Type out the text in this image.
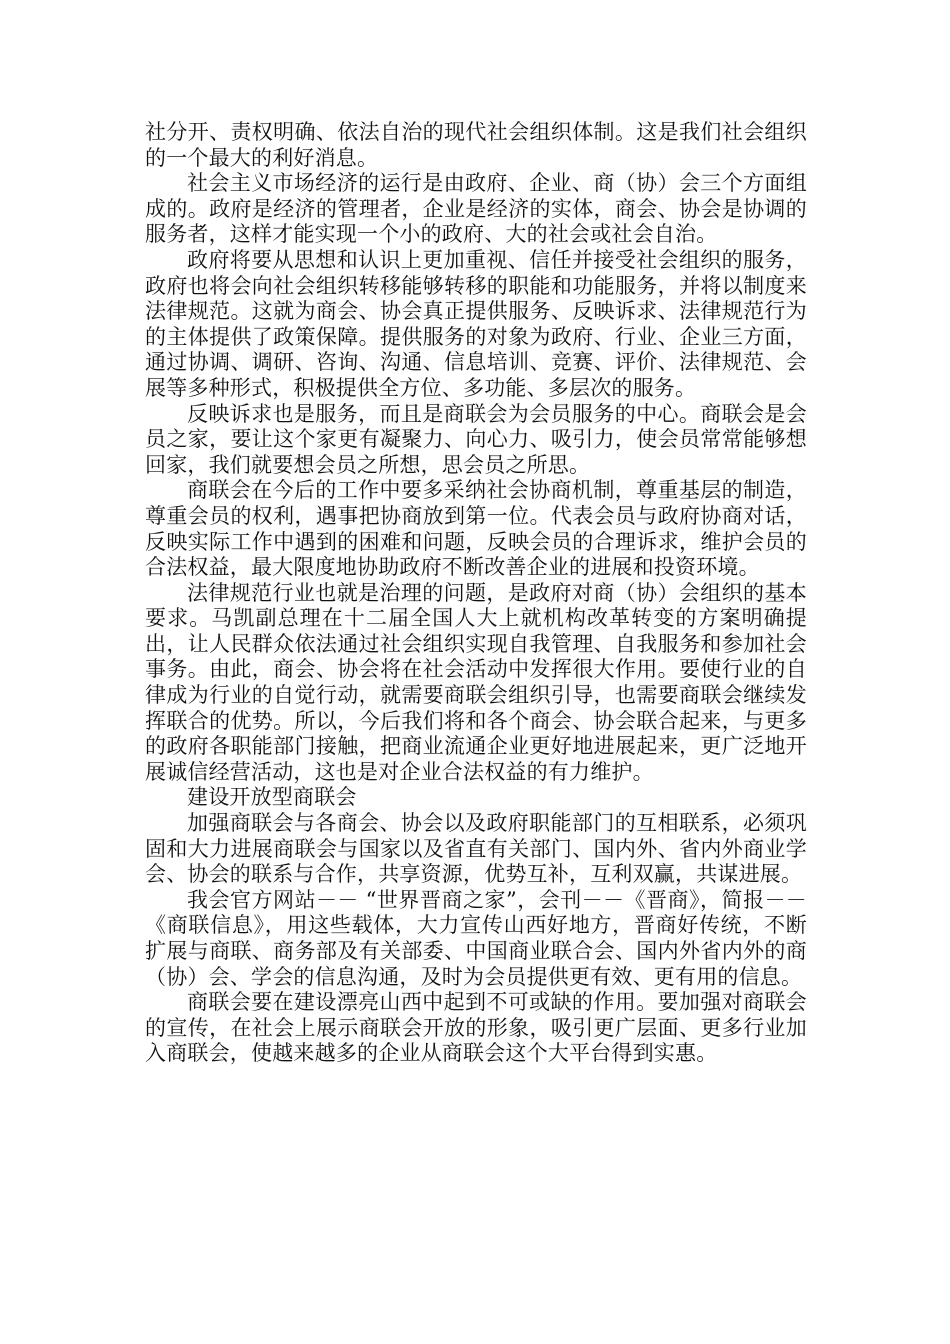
社分开、责权明确、依法自治的现代社会组织体制。这是我们社会组织的一个最大的利好消息。

社会主义市场经济的运行是由政府、企业、商（协）会三个方面组成的。政府是经济的管理者，企业是经济的实体，商会、协会是协调的服务者，这样才能实现一个小的政府、大的社会或社会自治。

政府将要从思想和认识上更加重视、信任并接受社会组织的服务，政府也将会向社会组织转移能够转移的职能和功能服务，并将以制度来法律规范。这就为商会、协会真正提供服务、反映诉求、法律规范行为的主体提供了政策保障。提供服务的对象为政府、行业、企业三方面，通过协调、调研、咨询、沟通、信息培训、竞赛、评价、法律规范、会展等多种形式，积极提供全方位、多功能、多层次的服务。

反映诉求也是服务，而且是商联会为会员服务的中心。商联会是会员之家，要让这个家更有凝聚力、向心力、吸引力，使会员常常能够想回家，我们就要想会员之所想，思会员之所思。

商联会在今后的工作中要多采纳社会协商机制，尊重基层的制造，尊重会员的权利，遇事把协商放到第一位。代表会员与政府协商对话，反映实际工作中遇到的困难和问题，反映会员的合理诉求，维护会员的合法权益，最大限度地协助政府不断改善企业的进展和投资环境。

法律规范行业也就是治理的问题，是政府对商（协）会组织的基本要求。马凯副总理在十二届全国人大上就机构改革转变的方案明确提出，让人民群众依法通过社会组织实现自我管理、自我服务和参加社会事务。由此，商会、协会将在社会活动中发挥很大作用。要使行业的自律成为行业的自觉行动，就需要商联会组织引导，也需要商联会继续发挥联合的优势。所以，今后我们将和各个商会、协会联合起来，与更多的政府各职能部门接触，把商业流通企业更好地进展起来，更广泛地开展诚信经营活动，这也是对企业合法权益的有力维护。

建设开放型商联会

加强商联会与各商会、协会以及政府职能部门的互相联系，必须巩固和大力进展商联会与国家以及省直有关部门、国内外、省内外商业学会、协会的联系与合作，共享资源，优势互补，互利双赢，共谋进展。

我会官方网站－－ “世界晋商之家”，会刊－－《晋商》，简报－－《商联信息》，用这些载体，大力宣传山西好地方，晋商好传统，不断扩展与商联、商务部及有关部委、中国商业联合会、国内外省内外的商（协）会、学会的信息沟通，及时为会员提供更有效、更有用的信息。

商联会要在建设漂亮山西中起到不可或缺的作用。要加强对商联会的宣传，在社会上展示商联会开放的形象，吸引更广层面、更多行业加入商联会，使越来越多的企业从商联会这个大平台得到实惠。
